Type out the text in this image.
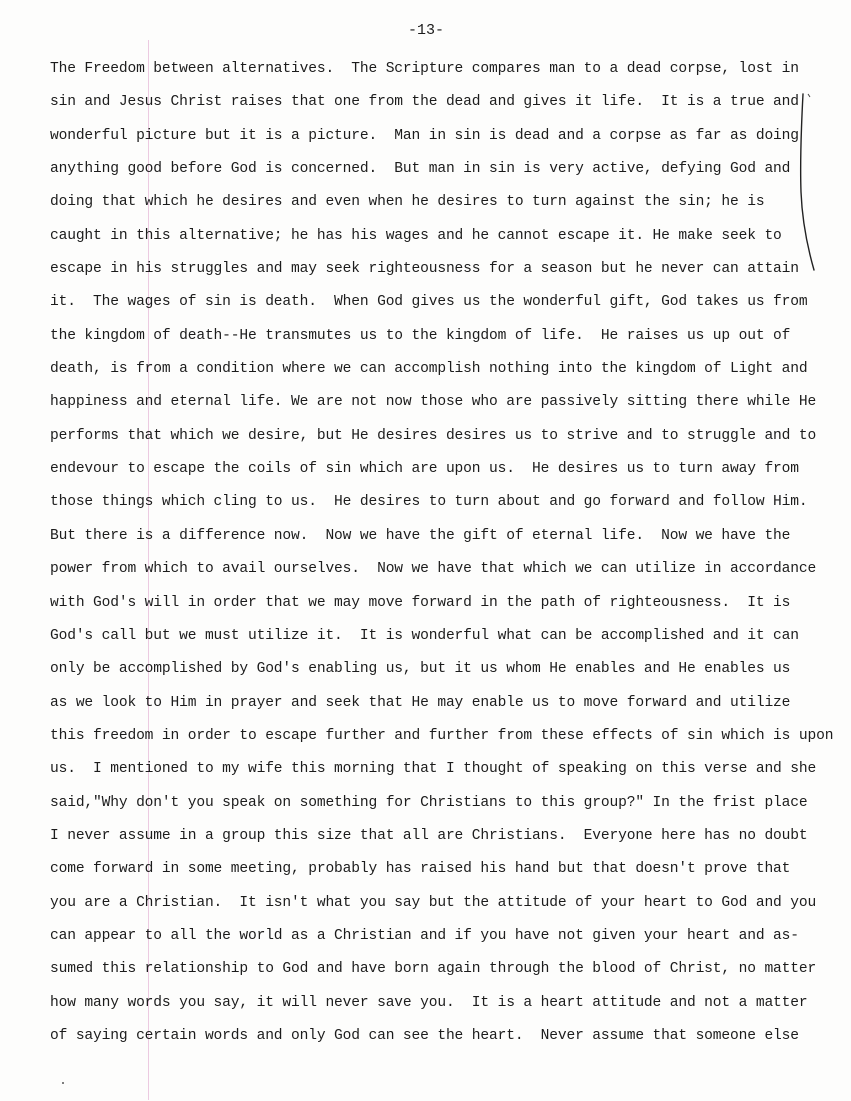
-13-
The Freedom between alternatives.  The Scripture compares man to a dead corpse, lost in
sin and Jesus Christ raises that one from the dead and gives it life.  It is a true and
wonderful picture but it is a picture.  Man in sin is dead and a corpse as far as doing
anything good before God is concerned.  But man in sin is very active, defying God and
doing that which he desires and even when he desires to turn against the sin; he is
caught in this alternative; he has his wages and he cannot escape it. He make seek to
escape in his struggles and may seek righteousness for a season but he never can attain
it.  The wages of sin is death.  When God gives us the wonderful gift, God takes us from
the kingdom of death--He transmutes us to the kingdom of life.  He raises us up out of
death, is from a condition where we can accomplish nothing into the kingdom of Light and
happiness and eternal life. We are not now those who are passively sitting there while He
performs that which we desire, but He desires desires us to strive and to struggle and to
endevour to escape the coils of sin which are upon us.  He desires us to turn away from
those things which cling to us.  He desires to turn about and go forward and follow Him.
But there is a difference now.  Now we have the gift of eternal life.  Now we have the
power from which to avail ourselves.  Now we have that which we can utilize in accordance
with God's will in order that we may move forward in the path of righteousness.  It is
God's call but we must utilize it.  It is wonderful what can be accomplished and it can
only be accomplished by God's enabling us, but it us whom He enables and He enables us
as we look to Him in prayer and seek that He may enable us to move forward and utilize
this freedom in order to escape further and further from these effects of sin which is upon
us.  I mentioned to my wife this morning that I thought of speaking on this verse and she
said,"Why don't you speak on something for Christians to this group?" In the frist place
I never assume in a group this size that all are Christians.  Everyone here has no doubt
come forward in some meeting, probably has raised his hand but that doesn't prove that
you are a Christian.  It isn't what you say but the attitude of your heart to God and you
can appear to all the world as a Christian and if you have not given your heart and as-
sumed this relationship to God and have born again through the blood of Christ, no matter
how many words you say, it will never save you.  It is a heart attitude and not a matter
of saying certain words and only God can see the heart.  Never assume that someone else
